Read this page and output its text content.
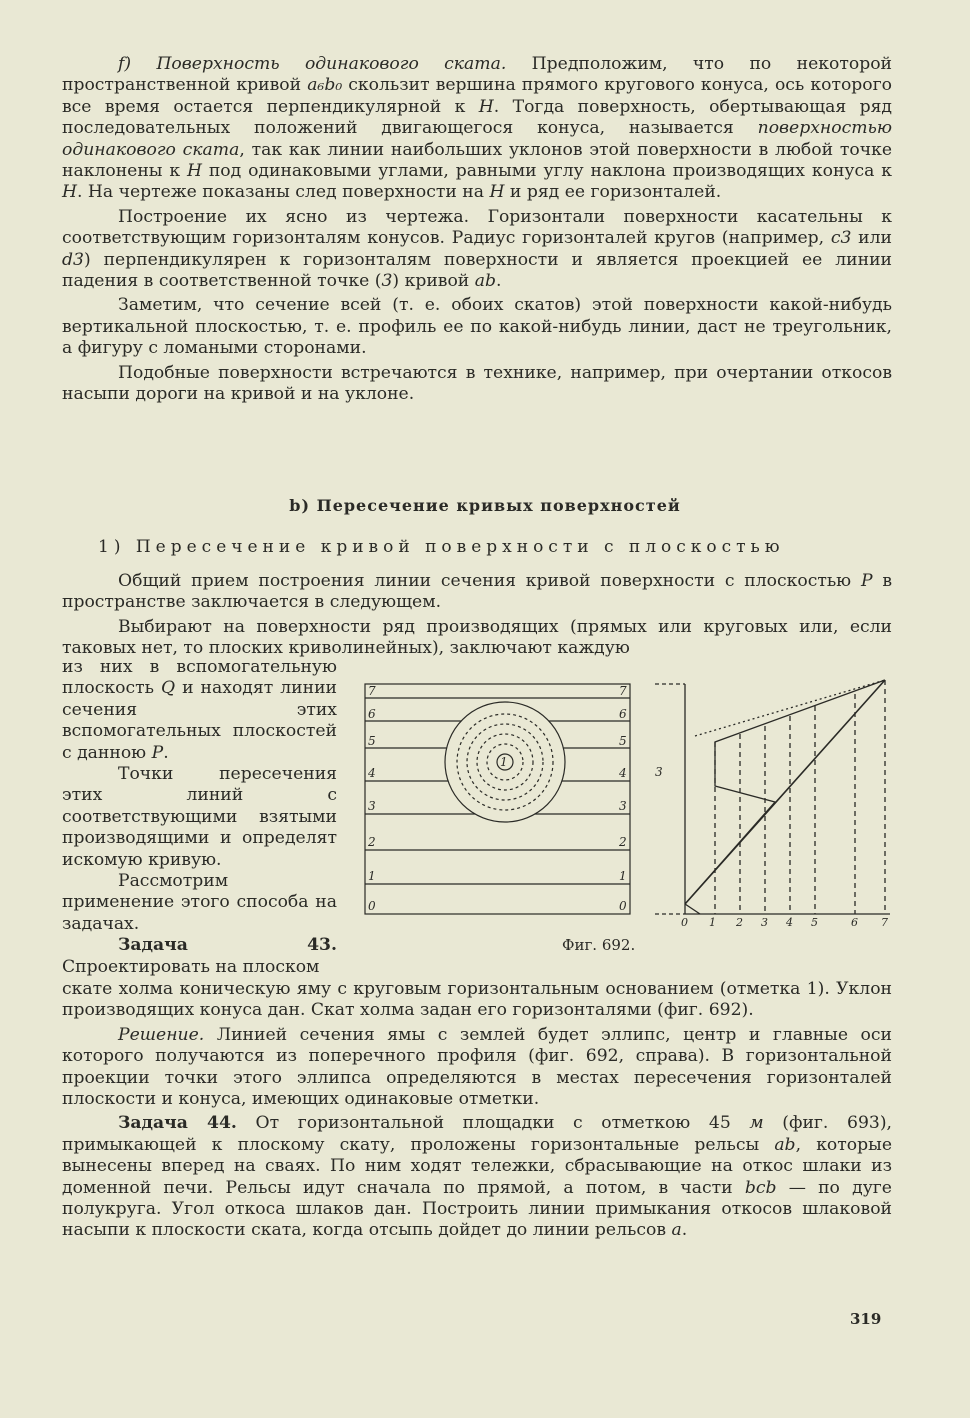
f) Поверхность одинакового ската. Предположим, что по некоторой пространственной кривой a₆b₀ скользит вершина прямого кругового конуса, ось которого все время остается перпендикулярной к H. Тогда поверхность, обертывающая ряд последовательных положений двигающегося конуса, называется поверхностью одинакового ската, так как линии наибольших уклонов этой поверхности в любой точке наклонены к H под одинаковыми углами, равными углу наклона производящих конуса к H. На чертеже показаны след поверхности на H и ряд ее горизонталей.

Построение их ясно из чертежа. Горизонтали поверхности касательны к соответствующим горизонталям конусов. Радиус горизонталей кругов (например, c3 или d3) перпендикулярен к горизонталям поверхности и является проекцией ее линии падения в соответственной точке (3) кривой ab.

Заметим, что сечение всей (т. е. обоих скатов) этой поверхности какой-нибудь вертикальной плоскостью, т. е. профиль ее по какой-нибудь линии, даст не треугольник, а фигуру с ломаными сторонами.

Подобные поверхности встречаются в технике, например, при очертании откосов насыпи дороги на кривой и на уклоне.

b) Пересечение кривых поверхностей
1) Пересечение кривой поверхности с плоскостью

Общий прием построения линии сечения кривой поверхности с плоскостью P в пространстве заключается в следующем.

Выбирают на поверхности ряд производящих (прямых или круговых или, если таковых нет, то плоских криволинейных), заключают каждую

из них в вспомогательную плоскость Q и находят линии сечения этих вспомогательных плоскостей с данною P.

Точки пересечения этих линий с соответствующими взятыми производящими и определят искомую кривую.

Рассмотрим применение этого способа на задачах.

Задача 43. Спроектировать на плоском

7
6
5
4
3
2
1
0
7
6
5
4
3
2
1
0
1
3
0 1 2 3 4 5	6 7
Фиг. 692.

скате холма коническую яму с круговым горизонтальным основанием (отметка 1). Уклон производящих конуса дан. Скат холма задан его горизонталями (фиг. 692).

Решение. Линией сечения ямы с землей будет эллипс, центр и главные оси которого получаются из поперечного профиля (фиг. 692, справа). В горизонтальной проекции точки этого эллипса определяются в местах пересечения горизонталей плоскости и конуса, имеющих одинаковые отметки.

Задача 44. От горизонтальной площадки с отметкою 45 м (фиг. 693), примыкающей к плоскому скату, проложены горизонтальные рельсы ab, которые вынесены вперед на сваях. По ним ходят тележки, сбрасывающие на откос шлаки из доменной печи. Рельсы идут сначала по прямой, а потом, в части bcb — по дуге полукруга. Угол откоса шлаков дан. Построить линии примыкания откосов шлаковой насыпи к плоскости ската, когда отсыпь дойдет до линии рельсов a.

319
